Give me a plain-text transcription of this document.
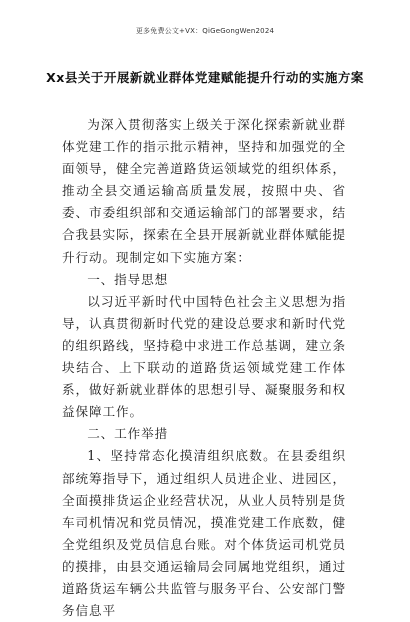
更多免费公文+VX：QiGeGongWen2024
Xx县关于开展新就业群体党建赋能提升行动的实施方案

为深入贯彻落实上级关于深化探索新就业群体党建工作的指示批示精神，坚持和加强党的全面领导，健全完善道路货运领域党的组织体系，推动全县交通运输高质量发展，按照中央、省委、市委组织部和交通运输部门的部署要求，结合我县实际，探索在全县开展新就业群体赋能提升行动。现制定如下实施方案：

一、指导思想

以习近平新时代中国特色社会主义思想为指导，认真贯彻新时代党的建设总要求和新时代党的组织路线，坚持稳中求进工作总基调，建立条块结合、上下联动的道路货运领域党建工作体系，做好新就业群体的思想引导、凝聚服务和权益保障工作。

二、工作举措

1、坚持常态化摸清组织底数。在县委组织部统筹指导下，通过组织人员进企业、进园区，全面摸排货运企业经营状况，从业人员特别是货车司机情况和党员情况，摸准党建工作底数，健全党组织及党员信息台账。对个体货运司机党员的摸排，由县交通运输局会同属地党组织，通过道路货运车辆公共监管与服务平台、公安部门警务信息平
